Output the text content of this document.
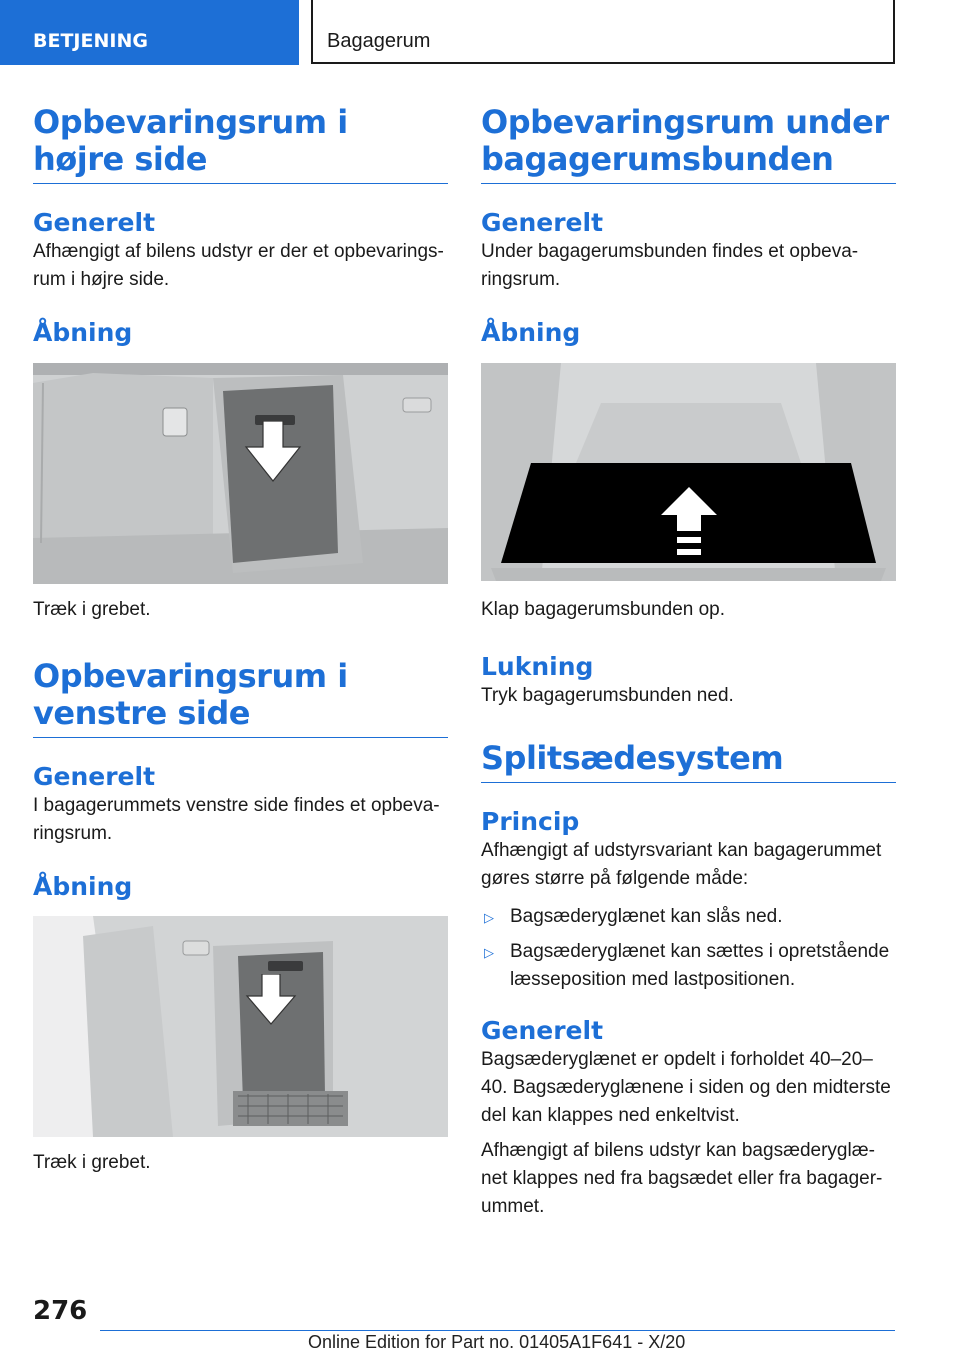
BETJENING	Bagagerum
Opbevaringsrum i højre side
Generelt

Afhængigt af bilens udstyr er der et opbevarings-rum i højre side.

Åbning

Træk i grebet.

Opbevaringsrum i venstre side
Generelt

I bagagerummets venstre side findes et opbeva-ringsrum.

Åbning

Træk i grebet.

Opbevaringsrum under bagagerumsbunden
Generelt

Under bagagerumsbunden findes et opbeva-ringsrum.

Åbning

Klap bagagerumsbunden op.

Lukning

Tryk bagagerumsbunden ned.

Splitsædesystem
Princip

Afhængigt af udstyrsvariant kan bagagerummet gøres større på følgende måde:

▷ Bagsæderyglænet kan slås ned.
▷ Bagsæderyglænet kan sættes i opretstående læsseposition med lastpositionen.
Generelt

Bagsæderyglænet er opdelt i forholdet 40–20–40. Bagsæderyglænene i siden og den midterste del kan klappes ned enkeltvist.

Afhængigt af bilens udstyr kan bagsæderyglæ-net klappes ned fra bagsædet eller fra bagager-ummet.

276
Online Edition for Part no. 01405A1F641 - X/20
